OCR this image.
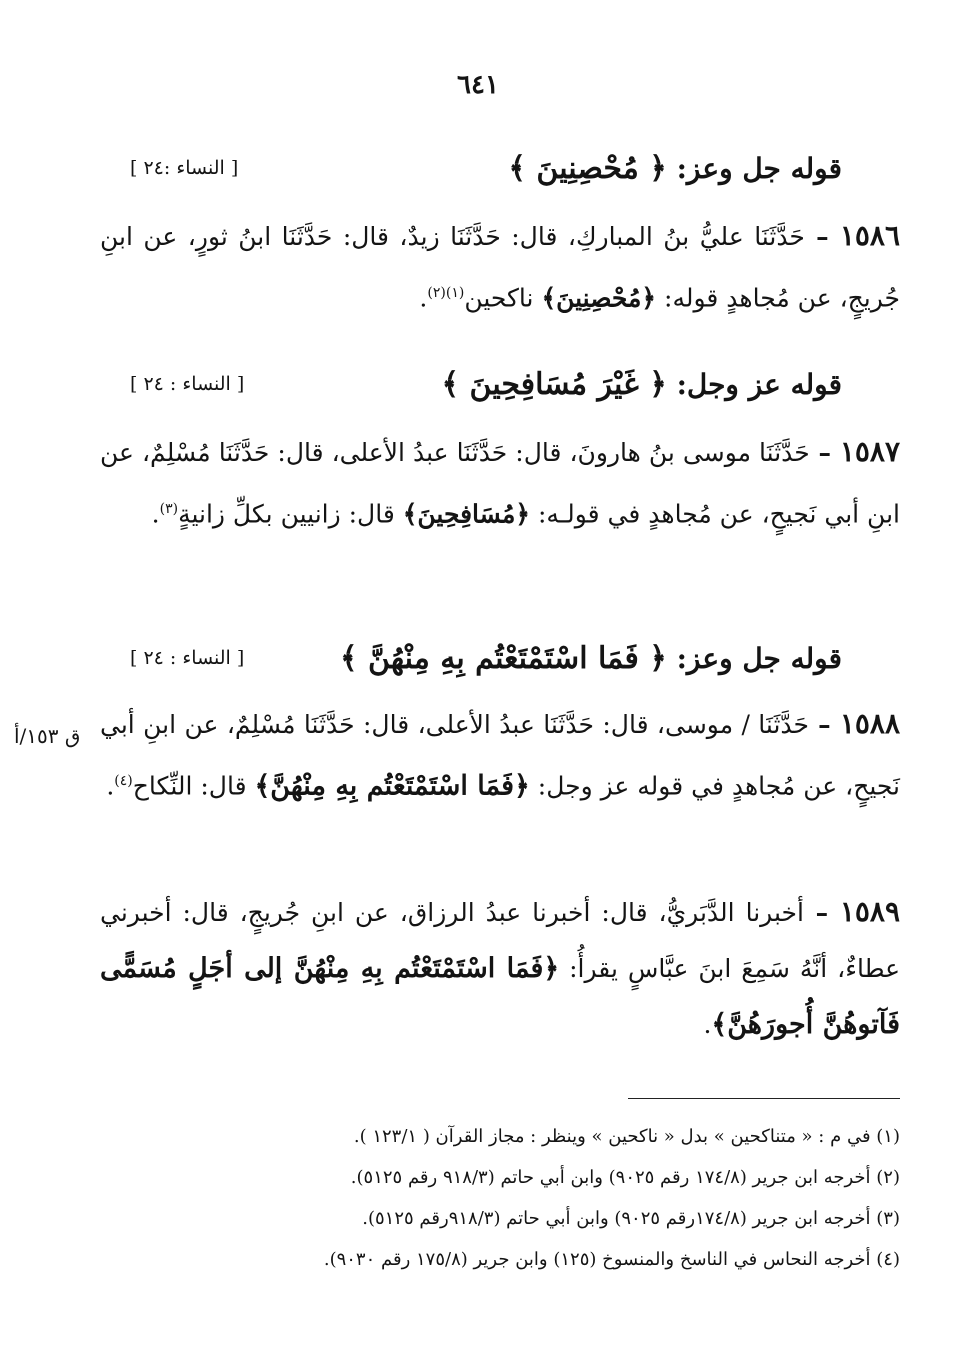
٦٤١
قوله جل وعز: ﴿ مُحْصِنِينَ ﴾
[ النساء :٢٤ ]
١٥٨٦ – حَدَّثَنَا عليُّ بنُ المباركِ، قال: حَدَّثَنَا زيدٌ، قال: حَدَّثَنَا ابنُ ثورٍ، عن ابنِ جُريجٍ، عن مُجاهدٍ قوله: ﴿مُحْصِنِينَ﴾ ناكحين$^{(١)(٢)}$.
قوله عز وجل: ﴿ غَيْرَ مُسَافِحِينَ ﴾
[ النساء : ٢٤ ]
١٥٨٧ – حَدَّثَنَا موسى بنُ هارونَ، قال: حَدَّثَنَا عبدُ الأعلى، قال: حَدَّثَنَا مُسْلِمٌ، عن ابنِ أبي نَجيحٍ، عن مُجاهدٍ في قولـه: ﴿مُسَافِحِينَ﴾ قال: زانيين بكلِّ زانيةٍ$^{(٣)}$.
قوله جل وعز: ﴿ فَمَا اسْتَمْتَعْتُم بِهِ مِنْهُنَّ ﴾
[ النساء : ٢٤ ]
ق ١٥٣/أ	١٥٨٨ – حَدَّثَنَا / موسى، قال: حَدَّثَنَا عبدُ الأعلى، قال: حَدَّثَنَا مُسْلِمٌ، عن ابنِ أبي نَجيحٍ، عن مُجاهدٍ في قوله عز وجل: ﴿فَمَا اسْتَمْتَعْتُم بِهِ مِنْهُنَّ﴾ قال: النِّكاح$^{(٤)}$.
١٥٨٩ – أخبرنا الدَّبَريُّ، قال: أخبرنا عبدُ الرزاق، عن ابنِ جُريجٍ، قال: أخبرني عطاءٌ، أنَّهُ سَمِعَ ابنَ عبَّاسٍ يقرأُ: ﴿فَمَا اسْتَمْتَعْتُم بِهِ مِنْهُنَّ إلى أجَلٍ مُسَمًّى فَآتوهُنَّ أُجورَهُنَّ﴾.
(١) في م : « متناكحين » بدل « ناكحين » وينظر : مجاز القرآن ( ١٢٣/١ ).
(٢) أخرجه ابن جرير (١٧٤/٨ رقم ٩٠٢٥) وابن أبي حاتم (٩١٨/٣ رقم ٥١٢٥).
(٣) أخرجه ابن جرير (١٧٤/٨رقم ٩٠٢٥) وابن أبي حاتم (٩١٨/٣رقم ٥١٢٥).
(٤) أخرجه النحاس في الناسخ والمنسوخ (١٢٥) وابن جرير (١٧٥/٨ رقم ٩٠٣٠).
